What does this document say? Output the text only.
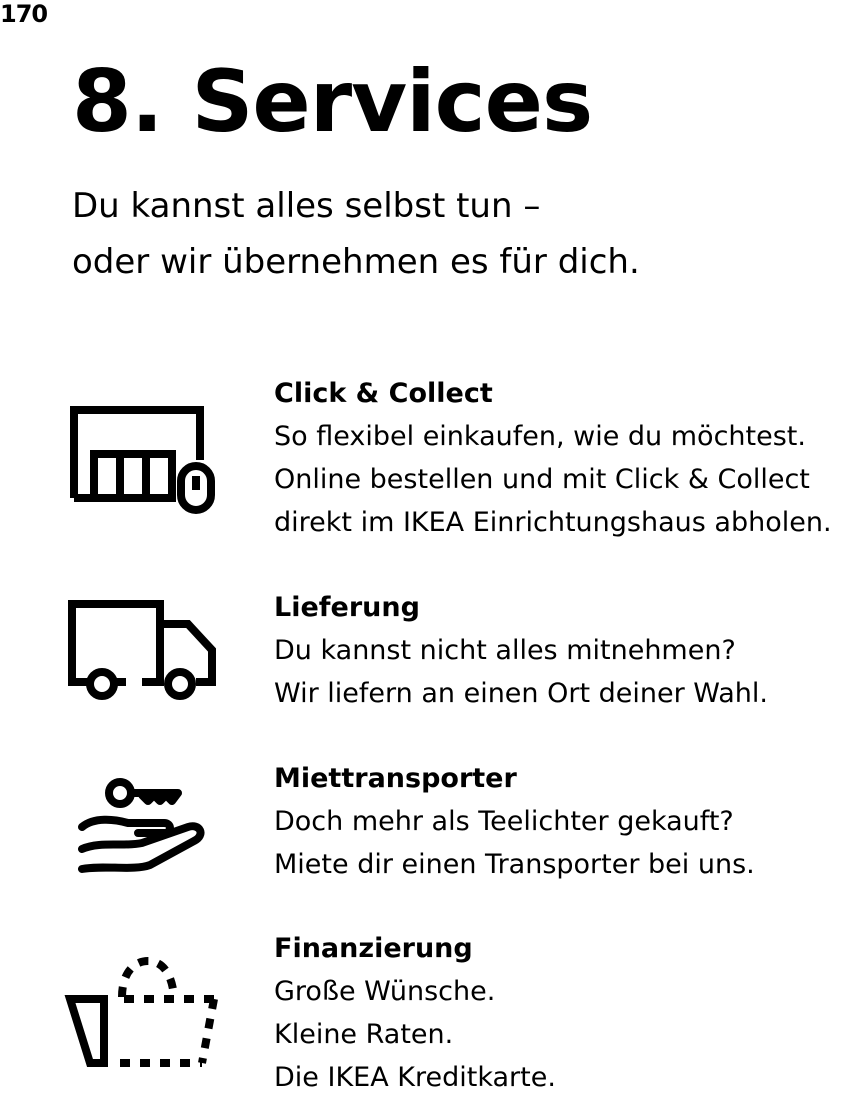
170
8. Services
Du kannst alles selbst tun –
oder wir übernehmen es für dich.
Click & Collect
So flexibel einkaufen, wie du möchtest.
Online bestellen und mit Click & Collect
direkt im IKEA Einrichtungshaus abholen.
Lieferung
Du kannst nicht alles mitnehmen?
Wir liefern an einen Ort deiner Wahl.
Miettransporter
Doch mehr als Teelichter gekauft?
Miete dir einen Transporter bei uns.
Finanzierung
Große Wünsche.
Kleine Raten.
Die IKEA Kreditkarte.
